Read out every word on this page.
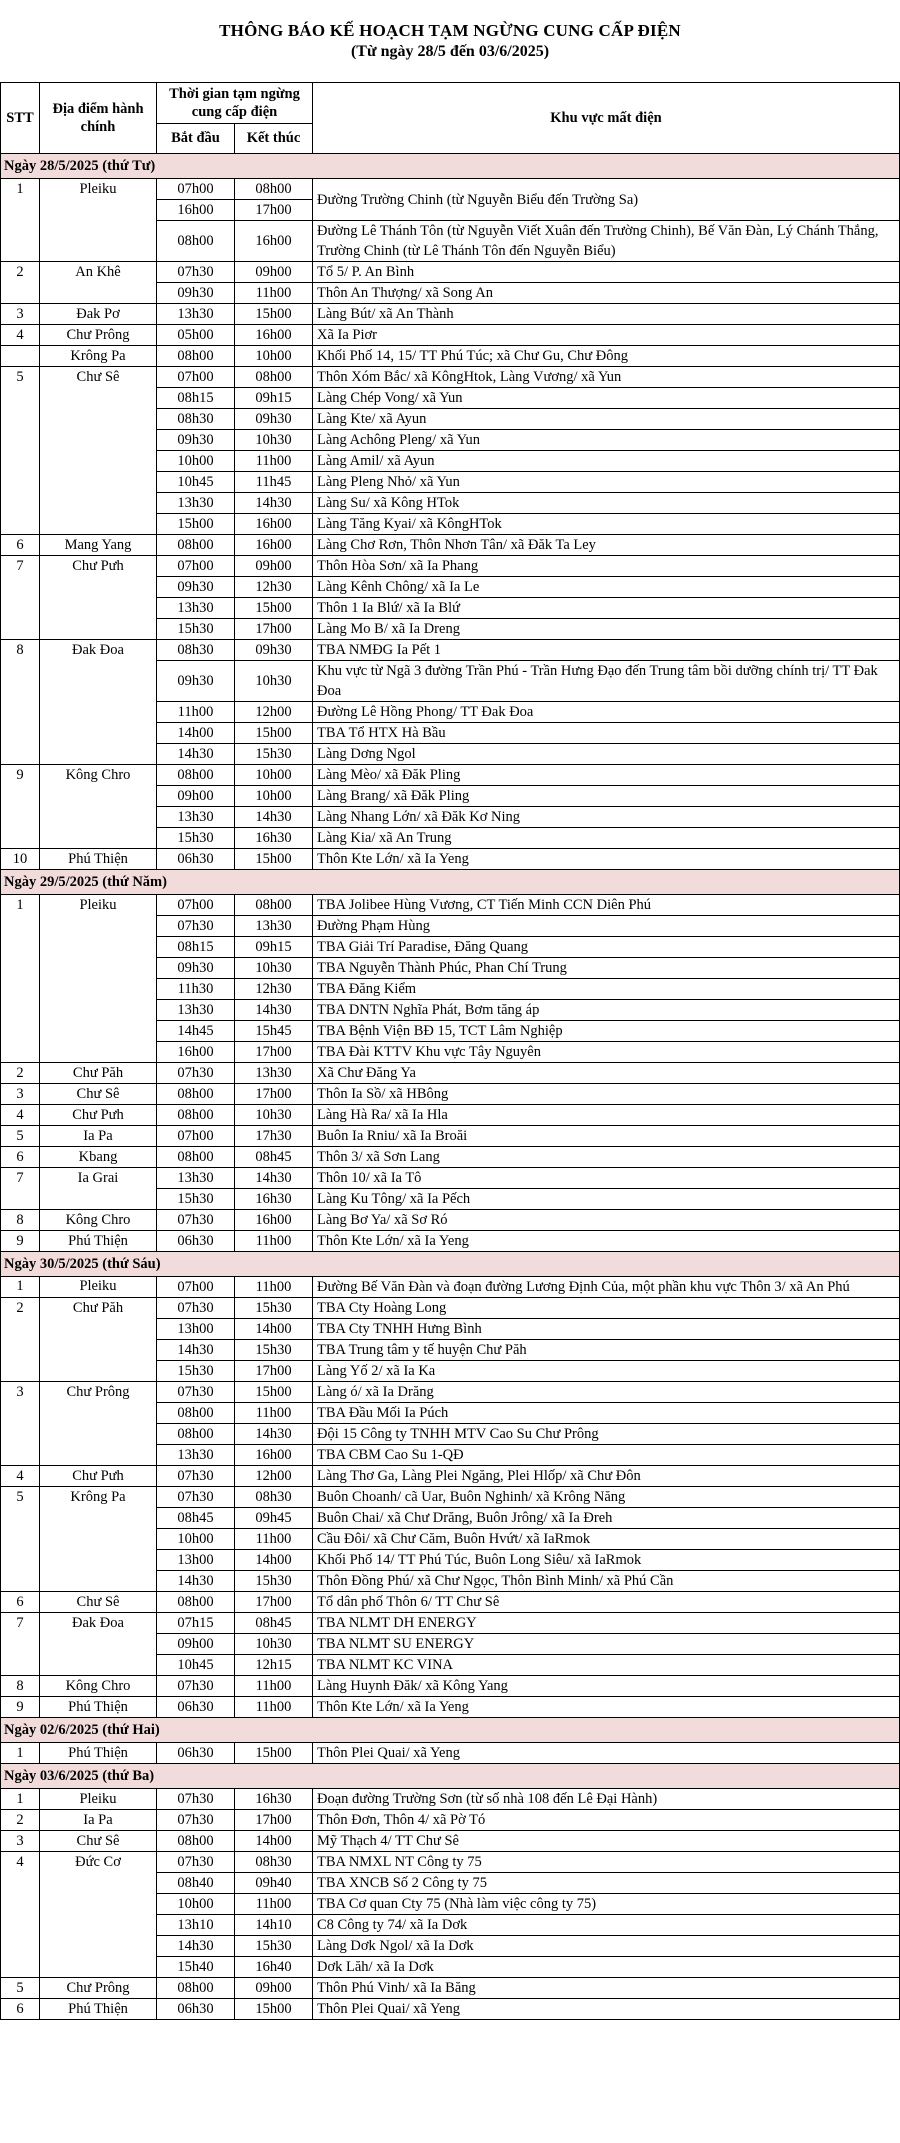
THÔNG BÁO KẾ HOẠCH TẠM NGỪNG CUNG CẤP ĐIỆN
(Từ ngày 28/5 đến 03/6/2025)
STT	Địa điểm hành chính	Thời gian tạm ngừng cung cấp điện		Khu vực mất điện
		Bắt đầu	Kết thúc	
Ngày 28/5/2025 (thứ Tư)				
1	Pleiku	07h00	08h00	Đường Trường Chinh (từ Nguyễn Biểu đến Trường Sa)
		16h00	17h00	
		08h00	16h00	Đường Lê Thánh Tôn (từ Nguyễn Viết Xuân đến Trường Chinh), Bế Văn Đàn, Lý Chánh Thắng, Trường Chinh (từ Lê Thánh Tôn đến Nguyễn Biểu)
2	An Khê	07h30	09h00	Tổ 5/ P. An Bình
		09h30	11h00	Thôn An Thượng/ xã Song An
3	Đak Pơ	13h30	15h00	Làng Bút/ xã An Thành
4	Chư Prông	05h00	16h00	Xã Ia Piơr
	Krông Pa	08h00	10h00	Khối Phố 14, 15/ TT Phú Túc; xã Chư Gu, Chư Đông
5	Chư Sê	07h00	08h00	Thôn Xóm Bắc/ xã KôngHtok, Làng Vương/ xã Yun
		08h15	09h15	Làng Chép Vong/ xã Yun
		08h30	09h30	Làng Kte/ xã Ayun
		09h30	10h30	Làng Achông Pleng/ xã Yun
		10h00	11h00	Làng Amil/ xã Ayun
		10h45	11h45	Làng Pleng Nhỏ/ xã Yun
		13h30	14h30	Làng Su/ xã Kông HTok
		15h00	16h00	Làng Tăng Kyai/ xã KôngHTok
6	Mang Yang	08h00	16h00	Làng Chơ Rơn, Thôn Nhơn Tân/ xã Đăk Ta Ley
7	Chư Pưh	07h00	09h00	Thôn Hòa Sơn/ xã Ia Phang
		09h30	12h30	Làng Kênh Chông/ xã Ia Le
		13h30	15h00	Thôn 1 Ia Blứ/ xã Ia Blứ
		15h30	17h00	Làng Mo B/ xã Ia Dreng
8	Đak Đoa	08h30	09h30	TBA NMĐG Ia Pết 1
		09h30	10h30	Khu vực từ Ngã 3 đường Trần Phú - Trần Hưng Đạo đến Trung tâm bồi dưỡng chính trị/ TT Đak Đoa
		11h00	12h00	Đường Lê Hồng Phong/ TT Đak Đoa
		14h00	15h00	TBA Tổ HTX Hà Bầu
		14h30	15h30	Làng Dơng Ngol
9	Kông Chro	08h00	10h00	Làng Mèo/ xã Đăk Pling
		09h00	10h00	Làng Brang/ xã Đăk Pling
		13h30	14h30	Làng Nhang Lớn/ xã Đăk Kơ Ning
		15h30	16h30	Làng Kia/ xã An Trung
10	Phú Thiện	06h30	15h00	Thôn Kte Lớn/ xã Ia Yeng
Ngày 29/5/2025 (thứ Năm)				
1	Pleiku	07h00	08h00	TBA Jolibee Hùng Vương, CT Tiến Minh CCN Diên Phú
		07h30	13h30	Đường Phạm Hùng
		08h15	09h15	TBA Giải Trí Paradise, Đăng Quang
		09h30	10h30	TBA Nguyễn Thành Phúc, Phan Chí Trung
		11h30	12h30	TBA Đăng Kiểm
		13h30	14h30	TBA DNTN Nghĩa Phát, Bơm tăng áp
		14h45	15h45	TBA Bệnh Viện BĐ 15, TCT Lâm Nghiệp
		16h00	17h00	TBA Đài KTTV Khu vực Tây Nguyên
2	Chư Păh	07h30	13h30	Xã Chư Đăng Ya
3	Chư Sê	08h00	17h00	Thôn Ia Sồ/ xã HBông
4	Chư Pưh	08h00	10h30	Làng Hà Ra/ xã Ia Hla
5	Ia Pa	07h00	17h30	Buôn Ia Rniu/ xã Ia Broăi
6	Kbang	08h00	08h45	Thôn 3/ xã Sơn Lang
7	Ia Grai	13h30	14h30	Thôn 10/ xã Ia Tô
		15h30	16h30	Làng Ku Tông/ xã Ia Pếch
8	Kông Chro	07h30	16h00	Làng Bơ Ya/ xã Sơ Ró
9	Phú Thiện	06h30	11h00	Thôn Kte Lớn/ xã Ia Yeng
Ngày 30/5/2025 (thứ Sáu)				
1	Pleiku	07h00	11h00	Đường Bế Văn Đàn và đoạn đường Lương Định Của, một phần khu vực Thôn 3/ xã An Phú
2	Chư Păh	07h30	15h30	TBA Cty Hoàng Long
		13h00	14h00	TBA Cty TNHH Hưng Bình
		14h30	15h30	TBA Trung tâm y tế huyện Chư Păh
		15h30	17h00	Làng Yố 2/ xã Ia Ka
3	Chư Prông	07h30	15h00	Làng ó/ xã Ia Drăng
		08h00	11h00	TBA Đầu Mối Ia Púch
		08h00	14h30	Đội 15 Công ty TNHH MTV Cao Su Chư Prông
		13h30	16h00	TBA CBM Cao Su 1-QĐ
4	Chư Pưh	07h30	12h00	Làng Thơ Ga, Làng Plei Ngăng, Plei Hlốp/ xã Chư Đôn
5	Krông Pa	07h30	08h30	Buôn Choanh/ cã Uar, Buôn Nghinh/ xã Krông Năng
		08h45	09h45	Buôn Chai/ xã Chư Drăng, Buôn Jrông/ xã Ia Đreh
		10h00	11h00	Cầu Đôi/ xã Chư Căm, Buôn Hvứt/ xã IaRmok
		13h00	14h00	Khối Phố 14/ TT Phú Túc, Buôn Long Siêu/ xã IaRmok
		14h30	15h30	Thôn Đồng Phú/ xã Chư Ngọc, Thôn Bình Minh/ xã Phú Cần
6	Chư Sê	08h00	17h00	Tổ dân phố Thôn 6/ TT Chư Sê
7	Đak Đoa	07h15	08h45	TBA NLMT DH ENERGY
		09h00	10h30	TBA NLMT SU ENERGY
		10h45	12h15	TBA NLMT KC VINA
8	Kông Chro	07h30	11h00	Làng Huynh Đăk/ xã Kông Yang
9	Phú Thiện	06h30	11h00	Thôn Kte Lớn/ xã Ia Yeng
Ngày 02/6/2025 (thứ Hai)				
1	Phú Thiện	06h30	15h00	Thôn Plei Quai/ xã Yeng
Ngày 03/6/2025 (thứ Ba)				
1	Pleiku	07h30	16h30	Đoạn đường Trường Sơn (từ số nhà 108 đến Lê Đại Hành)
2	Ia Pa	07h30	17h00	Thôn Đơn, Thôn 4/ xã Pờ Tó
3	Chư Sê	08h00	14h00	Mỹ Thạch 4/ TT Chư Sê
4	Đức Cơ	07h30	08h30	TBA NMXL NT Công ty 75
		08h40	09h40	TBA XNCB Số 2 Công ty 75
		10h00	11h00	TBA Cơ quan Cty 75 (Nhà làm việc công ty 75)
		13h10	14h10	C8 Công ty 74/ xã Ia Dơk
		14h30	15h30	Làng Dơk Ngol/ xã Ia Dơk
		15h40	16h40	Dơk Lăh/ xã Ia Dơk
5	Chư Prông	08h00	09h00	Thôn Phú Vinh/ xã Ia Băng
6	Phú Thiện	06h30	15h00	Thôn Plei Quai/ xã Yeng
